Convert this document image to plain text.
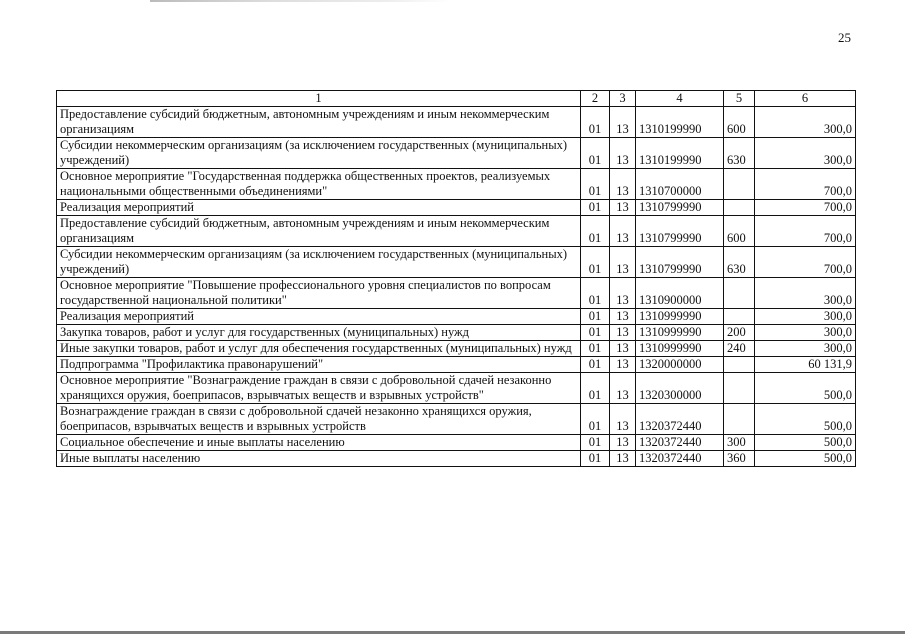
25
1	2	3	4	5	6
Предоставление субсидий бюджетным, автономным учреждениям и иным некоммерческим организациям	01	13	1310199990	600	300,0
Субсидии некоммерческим организациям (за исключением государственных (муниципальных) учреждений)	01	13	1310199990	630	300,0
Основное мероприятие "Государственная поддержка общественных проектов, реализуемых национальными общественными объединениями"	01	13	1310700000		700,0
Реализация мероприятий	01	13	1310799990		700,0
Предоставление субсидий бюджетным, автономным учреждениям и иным некоммерческим организациям	01	13	1310799990	600	700,0
Субсидии некоммерческим организациям (за исключением государственных (муниципальных) учреждений)	01	13	1310799990	630	700,0
Основное мероприятие "Повышение профессионального уровня специалистов по вопросам государственной национальной политики"	01	13	1310900000		300,0
Реализация мероприятий	01	13	1310999990		300,0
Закупка товаров, работ и услуг для государственных (муниципальных) нужд	01	13	1310999990	200	300,0
Иные закупки товаров, работ и услуг для обеспечения государственных (муниципальных) нужд	01	13	1310999990	240	300,0
Подпрограмма "Профилактика правонарушений"	01	13	1320000000		60 131,9
Основное мероприятие "Вознаграждение граждан в связи с добровольной сдачей незаконно хранящихся оружия, боеприпасов, взрывчатых веществ и взрывных устройств"	01	13	1320300000		500,0
Вознаграждение граждан в связи с добровольной сдачей незаконно хранящихся оружия, боеприпасов, взрывчатых веществ и взрывных устройств	01	13	1320372440		500,0
Социальное обеспечение и иные выплаты населению	01	13	1320372440	300	500,0
Иные выплаты населению	01	13	1320372440	360	500,0
